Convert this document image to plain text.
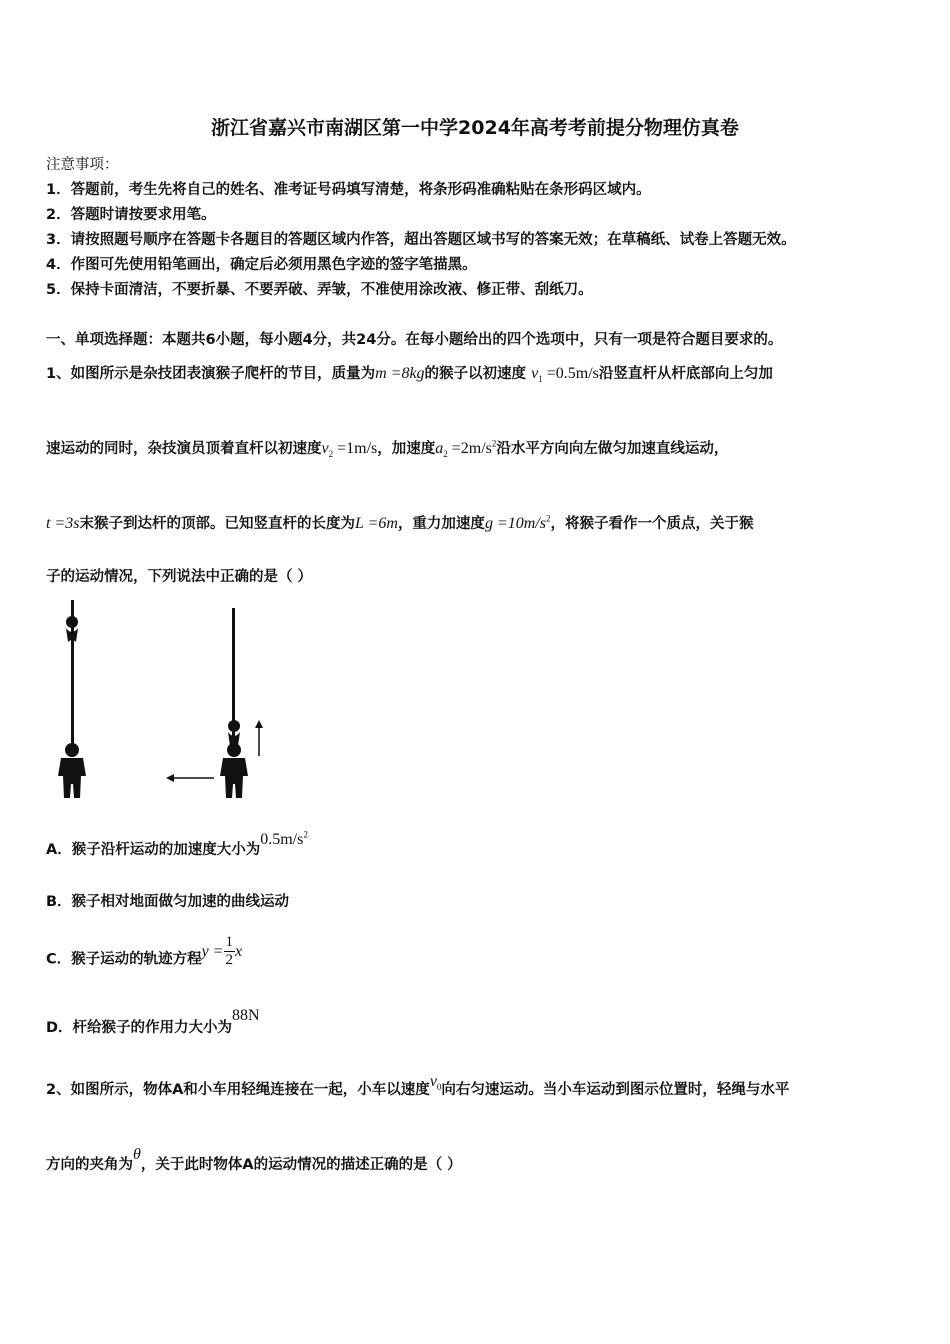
浙江省嘉兴市南湖区第一中学2024年高考考前提分物理仿真卷
注意事项：
1．答题前，考生先将自己的姓名、准考证号码填写清楚，将条形码准确粘贴在条形码区域内。
2．答题时请按要求用笔。
3．请按照题号顺序在答题卡各题目的答题区域内作答，超出答题区域书写的答案无效；在草稿纸、试卷上答题无效。
4．作图可先使用铅笔画出，确定后必须用黑色字迹的签字笔描黑。
5．保持卡面清洁，不要折暴、不要弄破、弄皱，不准使用涂改液、修正带、刮纸刀。
一、单项选择题：本题共6小题，每小题4分，共24分。在每小题给出的四个选项中，只有一项是符合题目要求的。
1、如图所示是杂技团表演猴子爬杆的节目，质量为m =8kg的猴子以初速度 $v_1 =0.5m/s$沿竖直杆从杆底部向上匀加
速运动的同时，杂技演员顶着直杆以初速度$v_2 =1m/s$，加速度$a_2 =2m/s^2$沿水平方向向左做匀加速直线运动，
t =3s末猴子到达杆的顶部。已知竖直杆的长度为L =6m，重力加速度$g =10m/s^2$，将猴子看作一个质点，关于猴
子的运动情况，下列说法中正确的是（ ）
A．猴子沿杆运动的加速度大小为$0.5m/s^2$
B．猴子相对地面做匀加速的曲线运动
C．猴子运动的轨迹方程$y = \frac{1}{2}$ x
D．杆给猴子的作用力大小为88N
2、如图所示，物体A和小车用轻绳连接在一起，小车以速度$v_0$向右匀速运动。当小车运动到图示位置时，轻绳与水平
方向的夹角为θ，关于此时物体A的运动情况的描述正确的是（ ）
